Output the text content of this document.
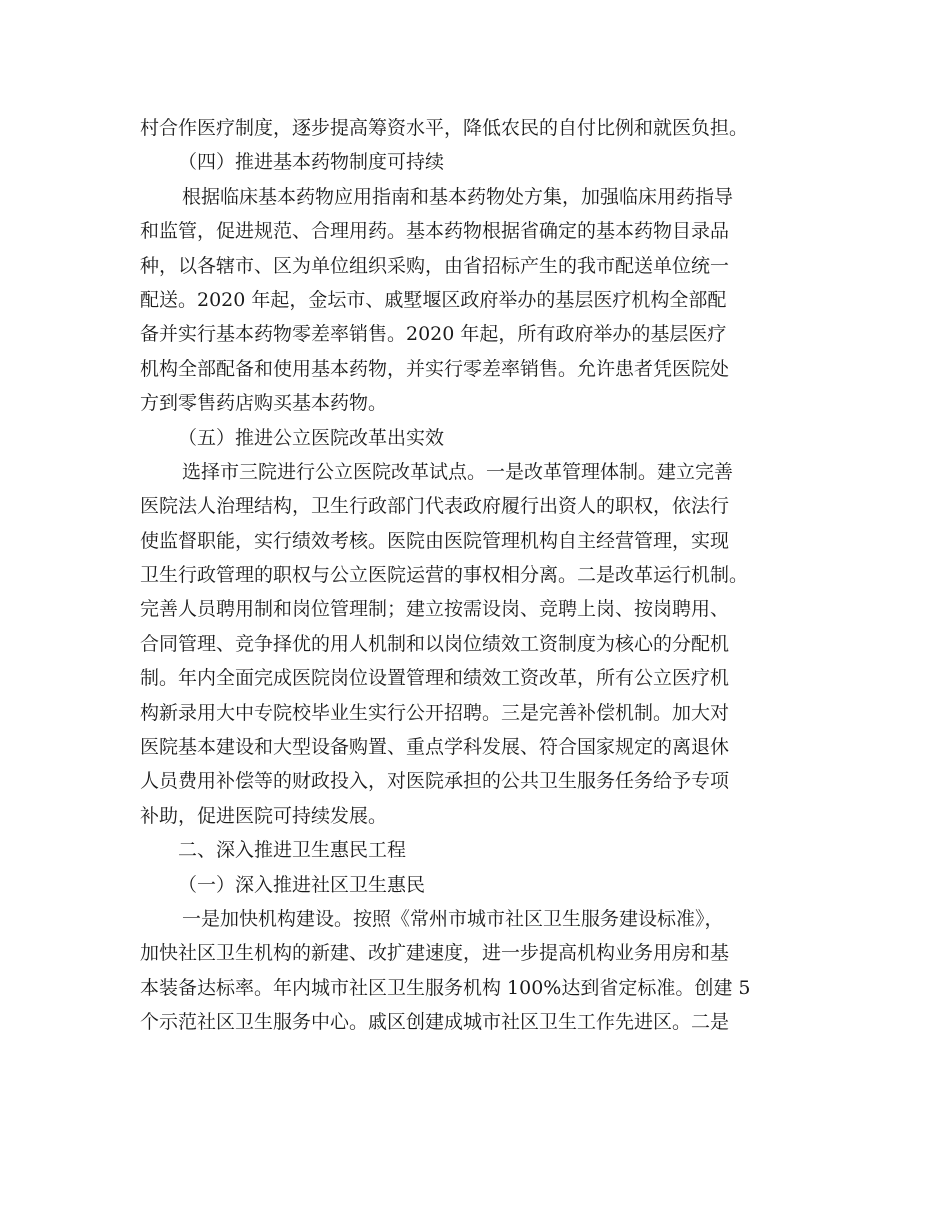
村合作医疗制度，逐步提高筹资水平，降低农民的自付比例和就医负担。
（四）推进基本药物制度可持续
根据临床基本药物应用指南和基本药物处方集，加强临床用药指导
和监管，促进规范、合理用药。基本药物根据省确定的基本药物目录品
种，以各辖市、区为单位组织采购，由省招标产生的我市配送单位统一
配送。2020 年起，金坛市、戚墅堰区政府举办的基层医疗机构全部配
备并实行基本药物零差率销售。2020 年起，所有政府举办的基层医疗
机构全部配备和使用基本药物，并实行零差率销售。允许患者凭医院处
方到零售药店购买基本药物。
（五）推进公立医院改革出实效
选择市三院进行公立医院改革试点。一是改革管理体制。建立完善
医院法人治理结构，卫生行政部门代表政府履行出资人的职权，依法行
使监督职能，实行绩效考核。医院由医院管理机构自主经营管理，实现
卫生行政管理的职权与公立医院运营的事权相分离。二是改革运行机制。
完善人员聘用制和岗位管理制；建立按需设岗、竞聘上岗、按岗聘用、
合同管理、竞争择优的用人机制和以岗位绩效工资制度为核心的分配机
制。年内全面完成医院岗位设置管理和绩效工资改革，所有公立医疗机
构新录用大中专院校毕业生实行公开招聘。三是完善补偿机制。加大对
医院基本建设和大型设备购置、重点学科发展、符合国家规定的离退休
人员费用补偿等的财政投入，对医院承担的公共卫生服务任务给予专项
补助，促进医院可持续发展。
二、深入推进卫生惠民工程
（一）深入推进社区卫生惠民
一是加快机构建设。按照《常州市城市社区卫生服务建设标准》，
加快社区卫生机构的新建、改扩建速度，进一步提高机构业务用房和基
本装备达标率。年内城市社区卫生服务机构 100%达到省定标准。创建 5
个示范社区卫生服务中心。戚区创建成城市社区卫生工作先进区。二是
